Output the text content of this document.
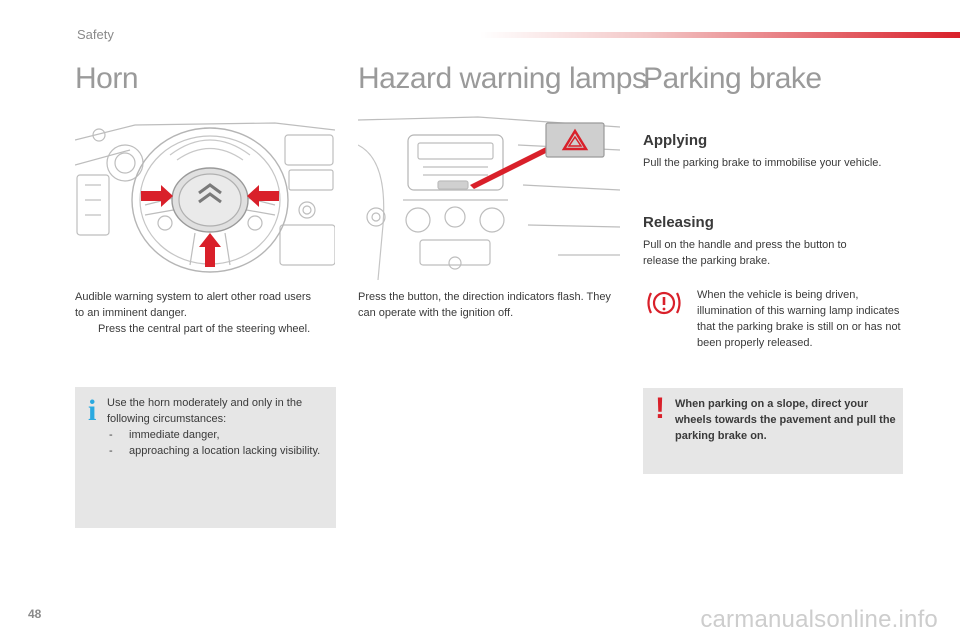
Safety
Horn	Hazard warning lamps
Parking brake

Audible warning system to alert other road users to an imminent danger.

Press the central part of the steering wheel.

Press the button, the direction indicators flash. They can operate with the ignition off.

Applying

Pull the parking brake to immobilise your vehicle.

Releasing

Pull on the handle and press the button to release the parking brake.

When the vehicle is being driven, illumination of this warning lamp indicates that the parking brake is still on or has not been properly released.

i Use the horn moderately and only in the following circumstances:

- immediate danger,
- approaching a location lacking visibility.
! When parking on a slope, direct your wheels towards the pavement and pull the parking brake on.

48	carmanualsonline.info
